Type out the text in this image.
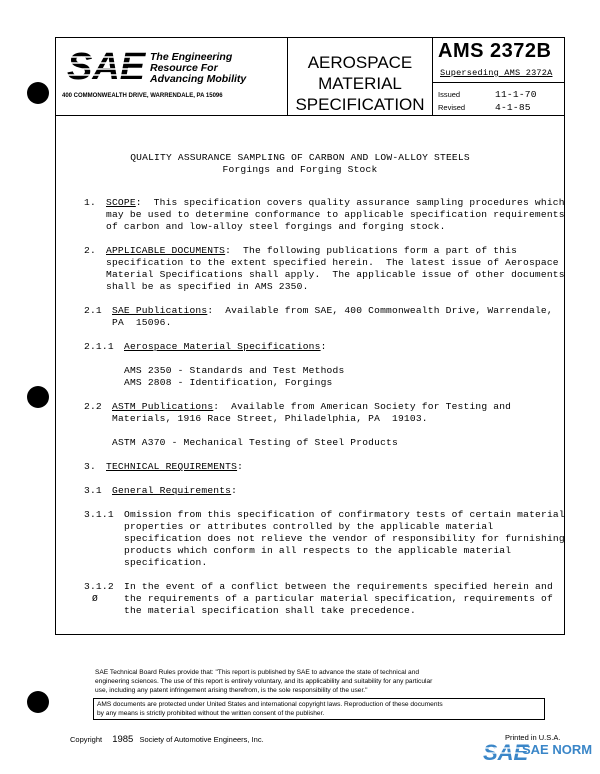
SAE The Engineering
Resource For
Advancing Mobility
400 COMMONWEALTH DRIVE, WARRENDALE, PA 15096
AEROSPACE
MATERIAL
SPECIFICATION
AMS 2372B
Superseding AMS 2372A
Issued	11-1-70
Revised	4-1-85
QUALITY ASSURANCE SAMPLING OF CARBON AND LOW-ALLOY STEELS
Forgings and Forging Stock
1. SCOPE:  This specification covers quality assurance sampling procedures which
may be used to determine conformance to applicable specification requirements
of carbon and low-alloy steel forgings and forging stock.
2. APPLICABLE DOCUMENTS:  The following publications form a part of this
specification to the extent specified herein.  The latest issue of Aerospace
Material Specifications shall apply.  The applicable issue of other documents
shall be as specified in AMS 2350.
2.1 SAE Publications:  Available from SAE, 400 Commonwealth Drive, Warrendale,
PA  15096.
2.1.1 Aerospace Material Specifications:
AMS 2350 - Standards and Test Methods
AMS 2808 - Identification, Forgings
2.2 ASTM Publications:  Available from American Society for Testing and
Materials, 1916 Race Street, Philadelphia, PA  19103.
ASTM A370 - Mechanical Testing of Steel Products
3. TECHNICAL REQUIREMENTS:
3.1 General Requirements:
3.1.1 Omission from this specification of confirmatory tests of certain material
properties or attributes controlled by the applicable material
specification does not relieve the vendor of responsibility for furnishing
products which conform in all respects to the applicable material
specification.
3.1.2
Ø
In the event of a conflict between the requirements specified herein and
the requirements of a particular material specification, requirements of
the material specification shall take precedence.
SAE Technical Board Rules provide that: "This report is published by SAE to advance the state of technical and
engineering sciences. The use of this report is entirely voluntary, and its applicability and suitability for any particular
use, including any patent infringement arising therefrom, is the sole responsibility of the user."
AMS documents are protected under United States and international copyright laws. Reproduction of these documents
by any means is strictly prohibited without the written consent of the publisher.
Copyright 1985 Society of Automotive Engineers, Inc.	Printed in U.S.A.
SAE
SAE NORM
